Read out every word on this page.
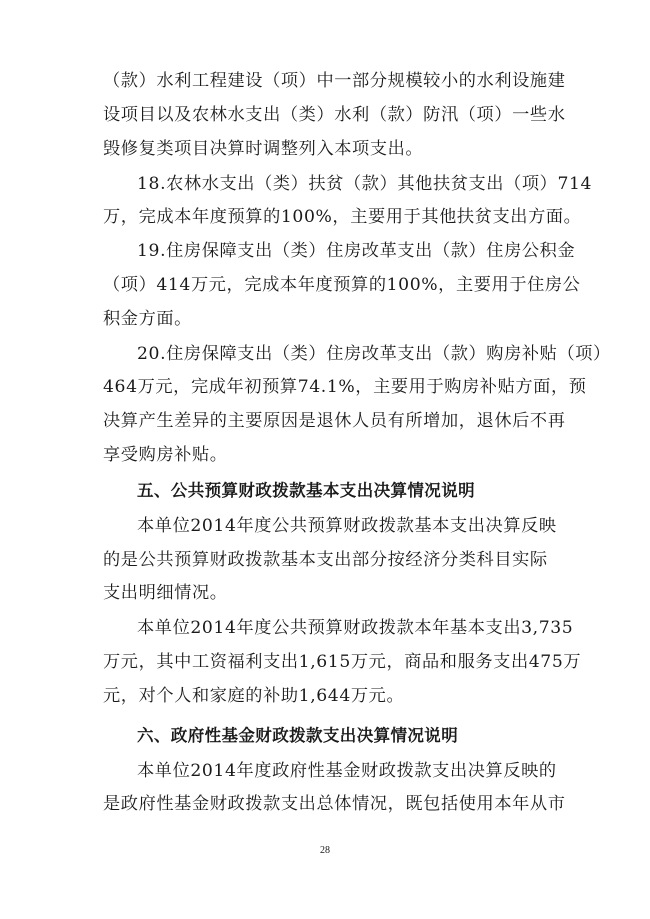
（款）水利工程建设（项）中一部分规模较小的水利设施建
设项目以及农林水支出（类）水利（款）防汛（项）一些水
毁修复类项目决算时调整列入本项支出。
18.农林水支出（类）扶贫（款）其他扶贫支出（项）714
万，完成本年度预算的100%，主要用于其他扶贫支出方面。
19.住房保障支出（类）住房改革支出（款）住房公积金
（项）414万元，完成本年度预算的100%，主要用于住房公
积金方面。
20.住房保障支出（类）住房改革支出（款）购房补贴（项）
464万元，完成年初预算74.1%，主要用于购房补贴方面，预
决算产生差异的主要原因是退休人员有所增加，退休后不再
享受购房补贴。
五、公共预算财政拨款基本支出决算情况说明
本单位2014年度公共预算财政拨款基本支出决算反映
的是公共预算财政拨款基本支出部分按经济分类科目实际
支出明细情况。
本单位2014年度公共预算财政拨款本年基本支出3,735
万元，其中工资福利支出1,615万元，商品和服务支出475万
元，对个人和家庭的补助1,644万元。
六、政府性基金财政拨款支出决算情况说明
本单位2014年度政府性基金财政拨款支出决算反映的
是政府性基金财政拨款支出总体情况，既包括使用本年从市
28
